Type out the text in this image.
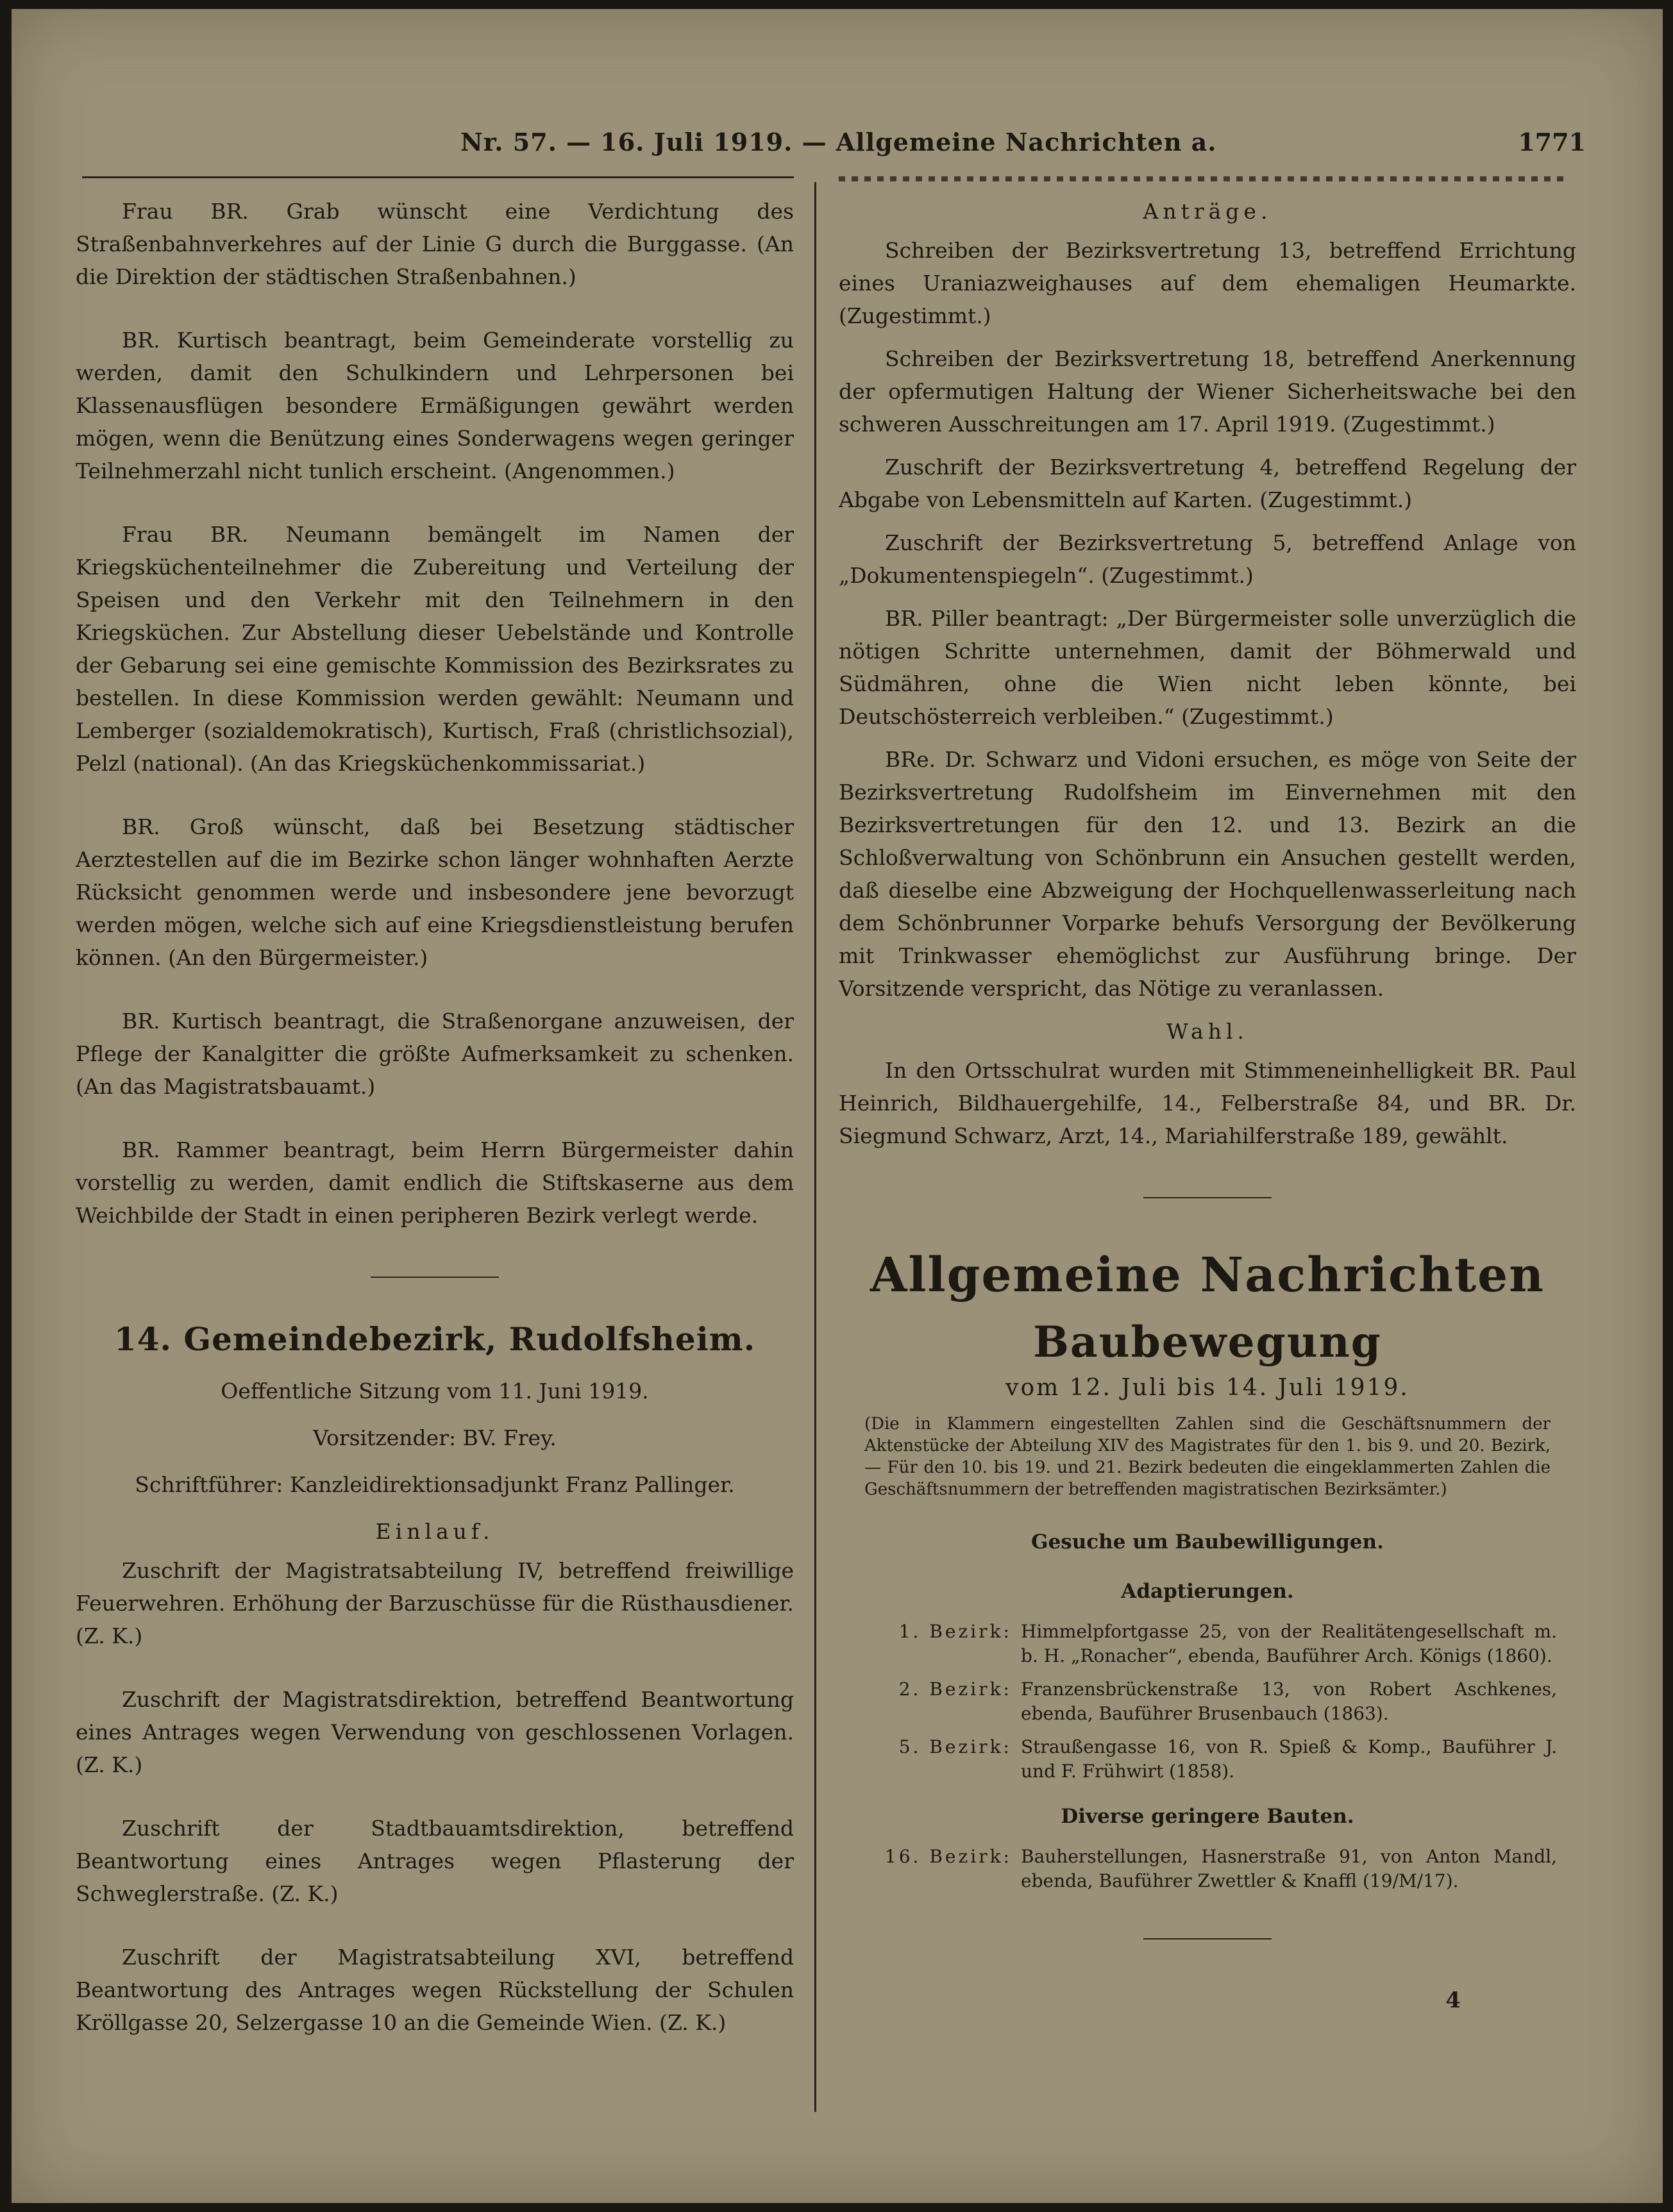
Nr. 57. — 16. Juli 1919. — Allgemeine Nachrichten a.	1771

Frau BR. Grab wünscht eine Verdichtung des Straßenbahnverkehres auf der Linie G durch die Burggasse. (An die Direktion der städtischen Straßenbahnen.)

BR. Kurtisch beantragt, beim Gemeinderate vorstellig zu werden, damit den Schulkindern und Lehrpersonen bei Klassenausflügen besondere Ermäßigungen gewährt werden mögen, wenn die Benützung eines Sonderwagens wegen geringer Teilnehmerzahl nicht tunlich erscheint. (Angenommen.)

Frau BR. Neumann bemängelt im Namen der Kriegsküchenteilnehmer die Zubereitung und Verteilung der Speisen und den Verkehr mit den Teilnehmern in den Kriegsküchen. Zur Abstellung dieser Uebelstände und Kontrolle der Gebarung sei eine gemischte Kommission des Bezirksrates zu bestellen. In diese Kommission werden gewählt: Neumann und Lemberger (sozialdemokratisch), Kurtisch, Fraß (christlichsozial), Pelzl (national). (An das Kriegsküchenkommissariat.)

BR. Groß wünscht, daß bei Besetzung städtischer Aerztestellen auf die im Bezirke schon länger wohnhaften Aerzte Rücksicht genommen werde und insbesondere jene bevorzugt werden mögen, welche sich auf eine Kriegsdienstleistung berufen können. (An den Bürgermeister.)

BR. Kurtisch beantragt, die Straßenorgane anzuweisen, der Pflege der Kanalgitter die größte Aufmerksamkeit zu schenken. (An das Magistratsbauamt.)

BR. Rammer beantragt, beim Herrn Bürgermeister dahin vorstellig zu werden, damit endlich die Stiftskaserne aus dem Weichbilde der Stadt in einen peripheren Bezirk verlegt werde.

14. Gemeindebezirk, Rudolfsheim.
Oeffentliche Sitzung vom 11. Juni 1919.
Vorsitzender: BV. Frey.
Schriftführer: Kanzleidirektionsadjunkt Franz Pallinger.
Einlauf.

Zuschrift der Magistratsabteilung IV, betreffend freiwillige Feuerwehren. Erhöhung der Barzuschüsse für die Rüsthausdiener. (Z. K.)

Zuschrift der Magistratsdirektion, betreffend Beantwortung eines Antrages wegen Verwendung von geschlossenen Vorlagen. (Z. K.)

Zuschrift der Stadtbauamtsdirektion, betreffend Beantwortung eines Antrages wegen Pflasterung der Schweglerstraße. (Z. K.)

Zuschrift der Magistratsabteilung XVI, betreffend Beantwortung des Antrages wegen Rückstellung der Schulen Kröllgasse 20, Selzergasse 10 an die Gemeinde Wien. (Z. K.)

Anträge.

Schreiben der Bezirksvertretung 13, betreffend Errichtung eines Uraniazweighauses auf dem ehemaligen Heumarkte. (Zugestimmt.)

Schreiben der Bezirksvertretung 18, betreffend Anerkennung der opfermutigen Haltung der Wiener Sicherheitswache bei den schweren Ausschreitungen am 17. April 1919. (Zugestimmt.)

Zuschrift der Bezirksvertretung 4, betreffend Regelung der Abgabe von Lebensmitteln auf Karten. (Zugestimmt.)

Zuschrift der Bezirksvertretung 5, betreffend Anlage von „Dokumentenspiegeln“. (Zugestimmt.)

BR. Piller beantragt: „Der Bürgermeister solle unverzüglich die nötigen Schritte unternehmen, damit der Böhmerwald und Südmähren, ohne die Wien nicht leben könnte, bei Deutschösterreich verbleiben.“ (Zugestimmt.)

BRe. Dr. Schwarz und Vidoni ersuchen, es möge von Seite der Bezirksvertretung Rudolfsheim im Einvernehmen mit den Bezirksvertretungen für den 12. und 13. Bezirk an die Schloßverwaltung von Schönbrunn ein Ansuchen gestellt werden, daß dieselbe eine Abzweigung der Hochquellenwasserleitung nach dem Schönbrunner Vorparke behufs Versorgung der Bevölkerung mit Trinkwasser ehemöglichst zur Ausführung bringe. Der Vorsitzende verspricht, das Nötige zu veranlassen.

Wahl.

In den Ortsschulrat wurden mit Stimmeneinhelligkeit BR. Paul Heinrich, Bildhauergehilfe, 14., Felberstraße 84, und BR. Dr. Siegmund Schwarz, Arzt, 14., Mariahilferstraße 189, gewählt.

Allgemeine Nachrichten
Baubewegung
vom 12. Juli bis 14. Juli 1919.
(Die in Klammern eingestellten Zahlen sind die Geschäftsnummern der Aktenstücke der Abteilung XIV des Magistrates für den 1. bis 9. und 20. Bezirk, — Für den 10. bis 19. und 21. Bezirk bedeuten die eingeklammerten Zahlen die Geschäftsnummern der betreffenden magistratischen Bezirksämter.)
Gesuche um Baubewilligungen.
Adaptierungen.
1. Bezirk: Himmelpfortgasse 25, von der Realitätengesellschaft m. b. H. „Ronacher“, ebenda, Bauführer Arch. Königs (1860).
2. Bezirk: Franzensbrückenstraße 13, von Robert Aschkenes, ebenda, Bauführer Brusenbauch (1863).
5. Bezirk: Straußengasse 16, von R. Spieß & Komp., Bauführer J. und F. Frühwirt (1858).
Diverse geringere Bauten.
16. Bezirk: Bauherstellungen, Hasnerstraße 91, von Anton Mandl, ebenda, Bauführer Zwettler & Knaffl (19/M/17).
4
